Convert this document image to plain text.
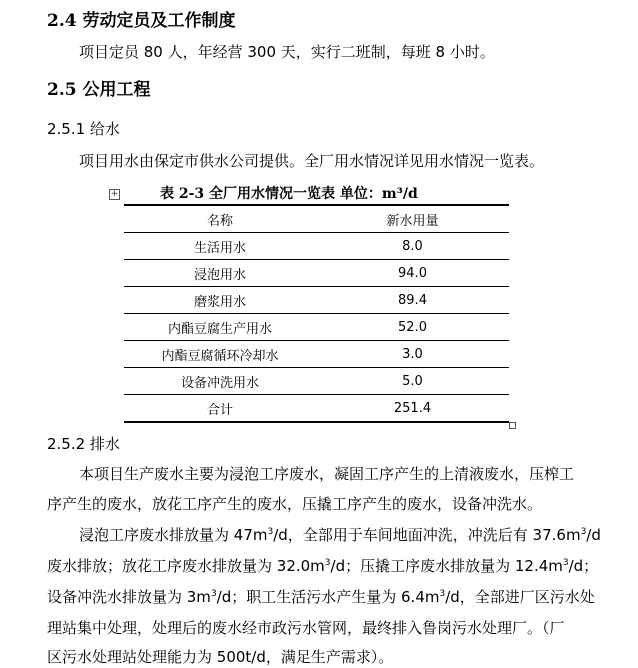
2.4 劳动定员及工作制度
项目定员 80 人，年经营 300 天，实行二班制，每班 8 小时。
2.5 公用工程
2.5.1 给水
项目用水由保定市供水公司提供。全厂用水情况详见用水情况一览表。
表 2-3 全厂用水情况一览表 单位：m³/d
+
名称	新水用量
生活用水	8.0
浸泡用水	94.0
磨浆用水	89.4
内酯豆腐生产用水	52.0
内酯豆腐循环冷却水	3.0
设备冲洗用水	5.0
合计	251.4
2.5.2 排水
本项目生产废水主要为浸泡工序废水，凝固工序产生的上清液废水，压榨工
序产生的废水，放花工序产生的废水，压撬工序产生的废水，设备冲洗水。
浸泡工序废水排放量为 $47m^3/d$，全部用于车间地面冲洗，冲洗后有 $37.6m^3/d$
废水排放；放花工序废水排放量为 $32.0m^3/d$；压撬工序废水排放量为 $12.4m^3/d$；
设备冲洗水排放量为 $3m^3/d$；职工生活污水产生量为 $6.4m^3/d$，全部进厂区污水处
理站集中处理，处理后的废水经市政污水管网，最终排入鲁岗污水处理厂。（厂
区污水处理站处理能力为 500t/d，满足生产需求）。
